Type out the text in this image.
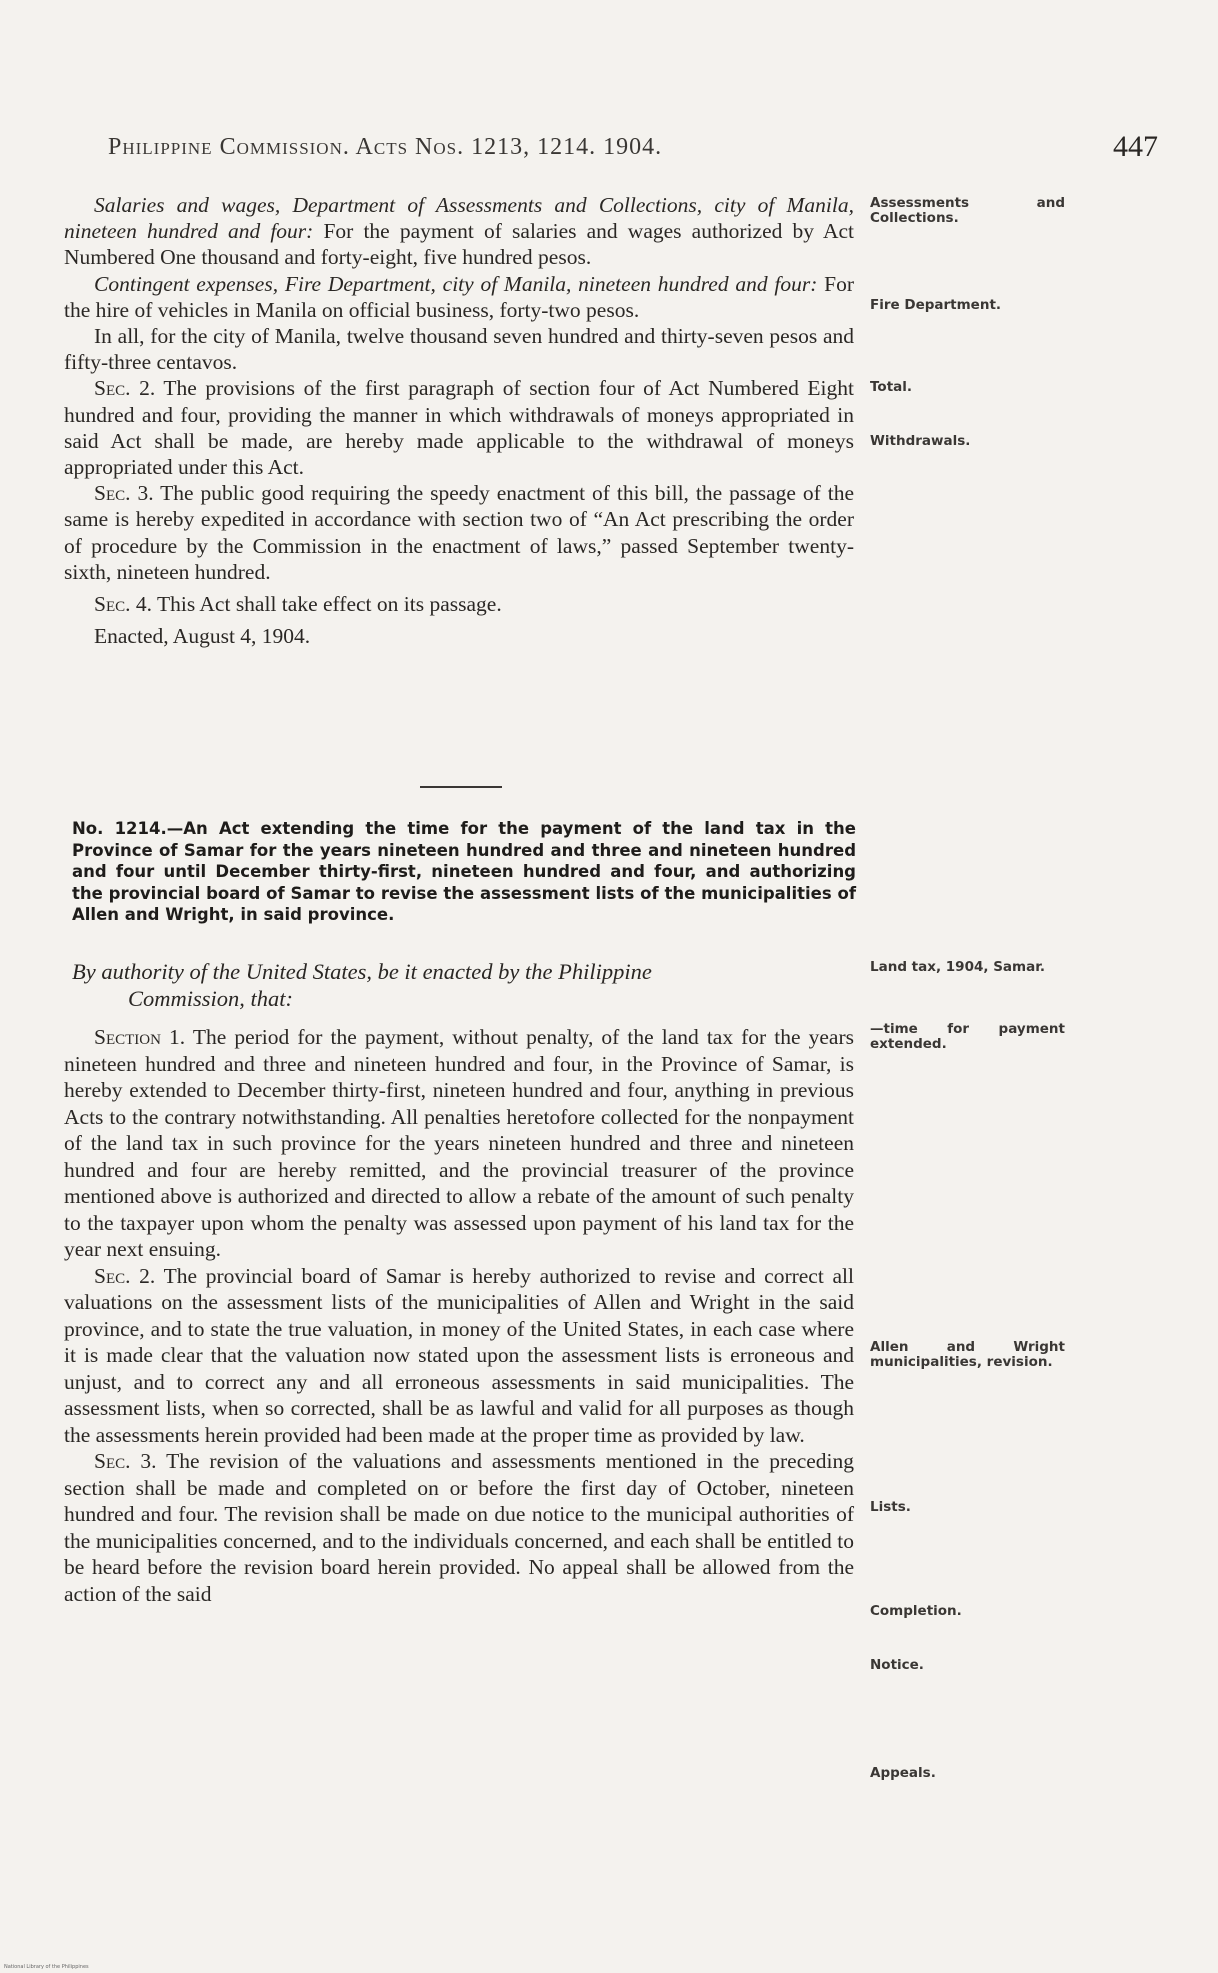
Philippine Commission. Acts Nos. 1213, 1214. 1904.	447

Salaries and wages, Department of Assessments and Collections, city of Manila, nineteen hundred and four: For the payment of salaries and wages authorized by Act Numbered One thousand and forty-eight, five hundred pesos.

Contingent expenses, Fire Department, city of Manila, nineteen hundred and four: For the hire of vehicles in Manila on official business, forty-two pesos.

In all, for the city of Manila, twelve thousand seven hundred and thirty-seven pesos and fifty-three centavos.

Sec. 2. The provisions of the first paragraph of section four of Act Numbered Eight hundred and four, providing the manner in which withdrawals of moneys appropriated in said Act shall be made, are hereby made applicable to the withdrawal of moneys appropriated under this Act.

Sec. 3. The public good requiring the speedy enactment of this bill, the passage of the same is hereby expedited in accordance with section two of “An Act prescribing the order of procedure by the Commission in the enactment of laws,” passed September twenty-sixth, nineteen hundred.

Sec. 4. This Act shall take effect on its passage.

Enacted, August 4, 1904.

No. 1214.—An Act extending the time for the payment of the land tax in the Province of Samar for the years nineteen hundred and three and nineteen hundred and four until December thirty-first, nineteen hundred and four, and authorizing the provincial board of Samar to revise the assessment lists of the municipalities of Allen and Wright, in said province.
By authority of the United States, be it enacted by the Philippine
Commission, that:

Section 1. The period for the payment, without penalty, of the land tax for the years nineteen hundred and three and nineteen hundred and four, in the Province of Samar, is hereby extended to December thirty-first, nineteen hundred and four, anything in previous Acts to the contrary notwithstanding. All penalties heretofore collected for the nonpayment of the land tax in such province for the years nineteen hundred and three and nineteen hundred and four are hereby remitted, and the provincial treasurer of the province mentioned above is authorized and directed to allow a rebate of the amount of such penalty to the taxpayer upon whom the penalty was assessed upon payment of his land tax for the year next ensuing.

Sec. 2. The provincial board of Samar is hereby authorized to revise and correct all valuations on the assessment lists of the municipalities of Allen and Wright in the said province, and to state the true valuation, in money of the United States, in each case where it is made clear that the valuation now stated upon the assessment lists is erroneous and unjust, and to correct any and all erroneous assessments in said municipalities. The assessment lists, when so corrected, shall be as lawful and valid for all purposes as though the assessments herein provided had been made at the proper time as provided by law.

Sec. 3. The revision of the valuations and assessments mentioned in the preceding section shall be made and completed on or before the first day of October, nineteen hundred and four. The revision shall be made on due notice to the municipal authorities of the municipalities concerned, and to the individuals concerned, and each shall be entitled to be heard before the revision board herein provided. No appeal shall be allowed from the action of the said

Assessments and Collections.
Fire Department.
Total.
Withdrawals.
Land tax, 1904, Samar.
—time for payment extended.
Allen and Wright municipalities, revision.
Lists.
Completion.
Notice.
Appeals.
National Library of the Philippines
